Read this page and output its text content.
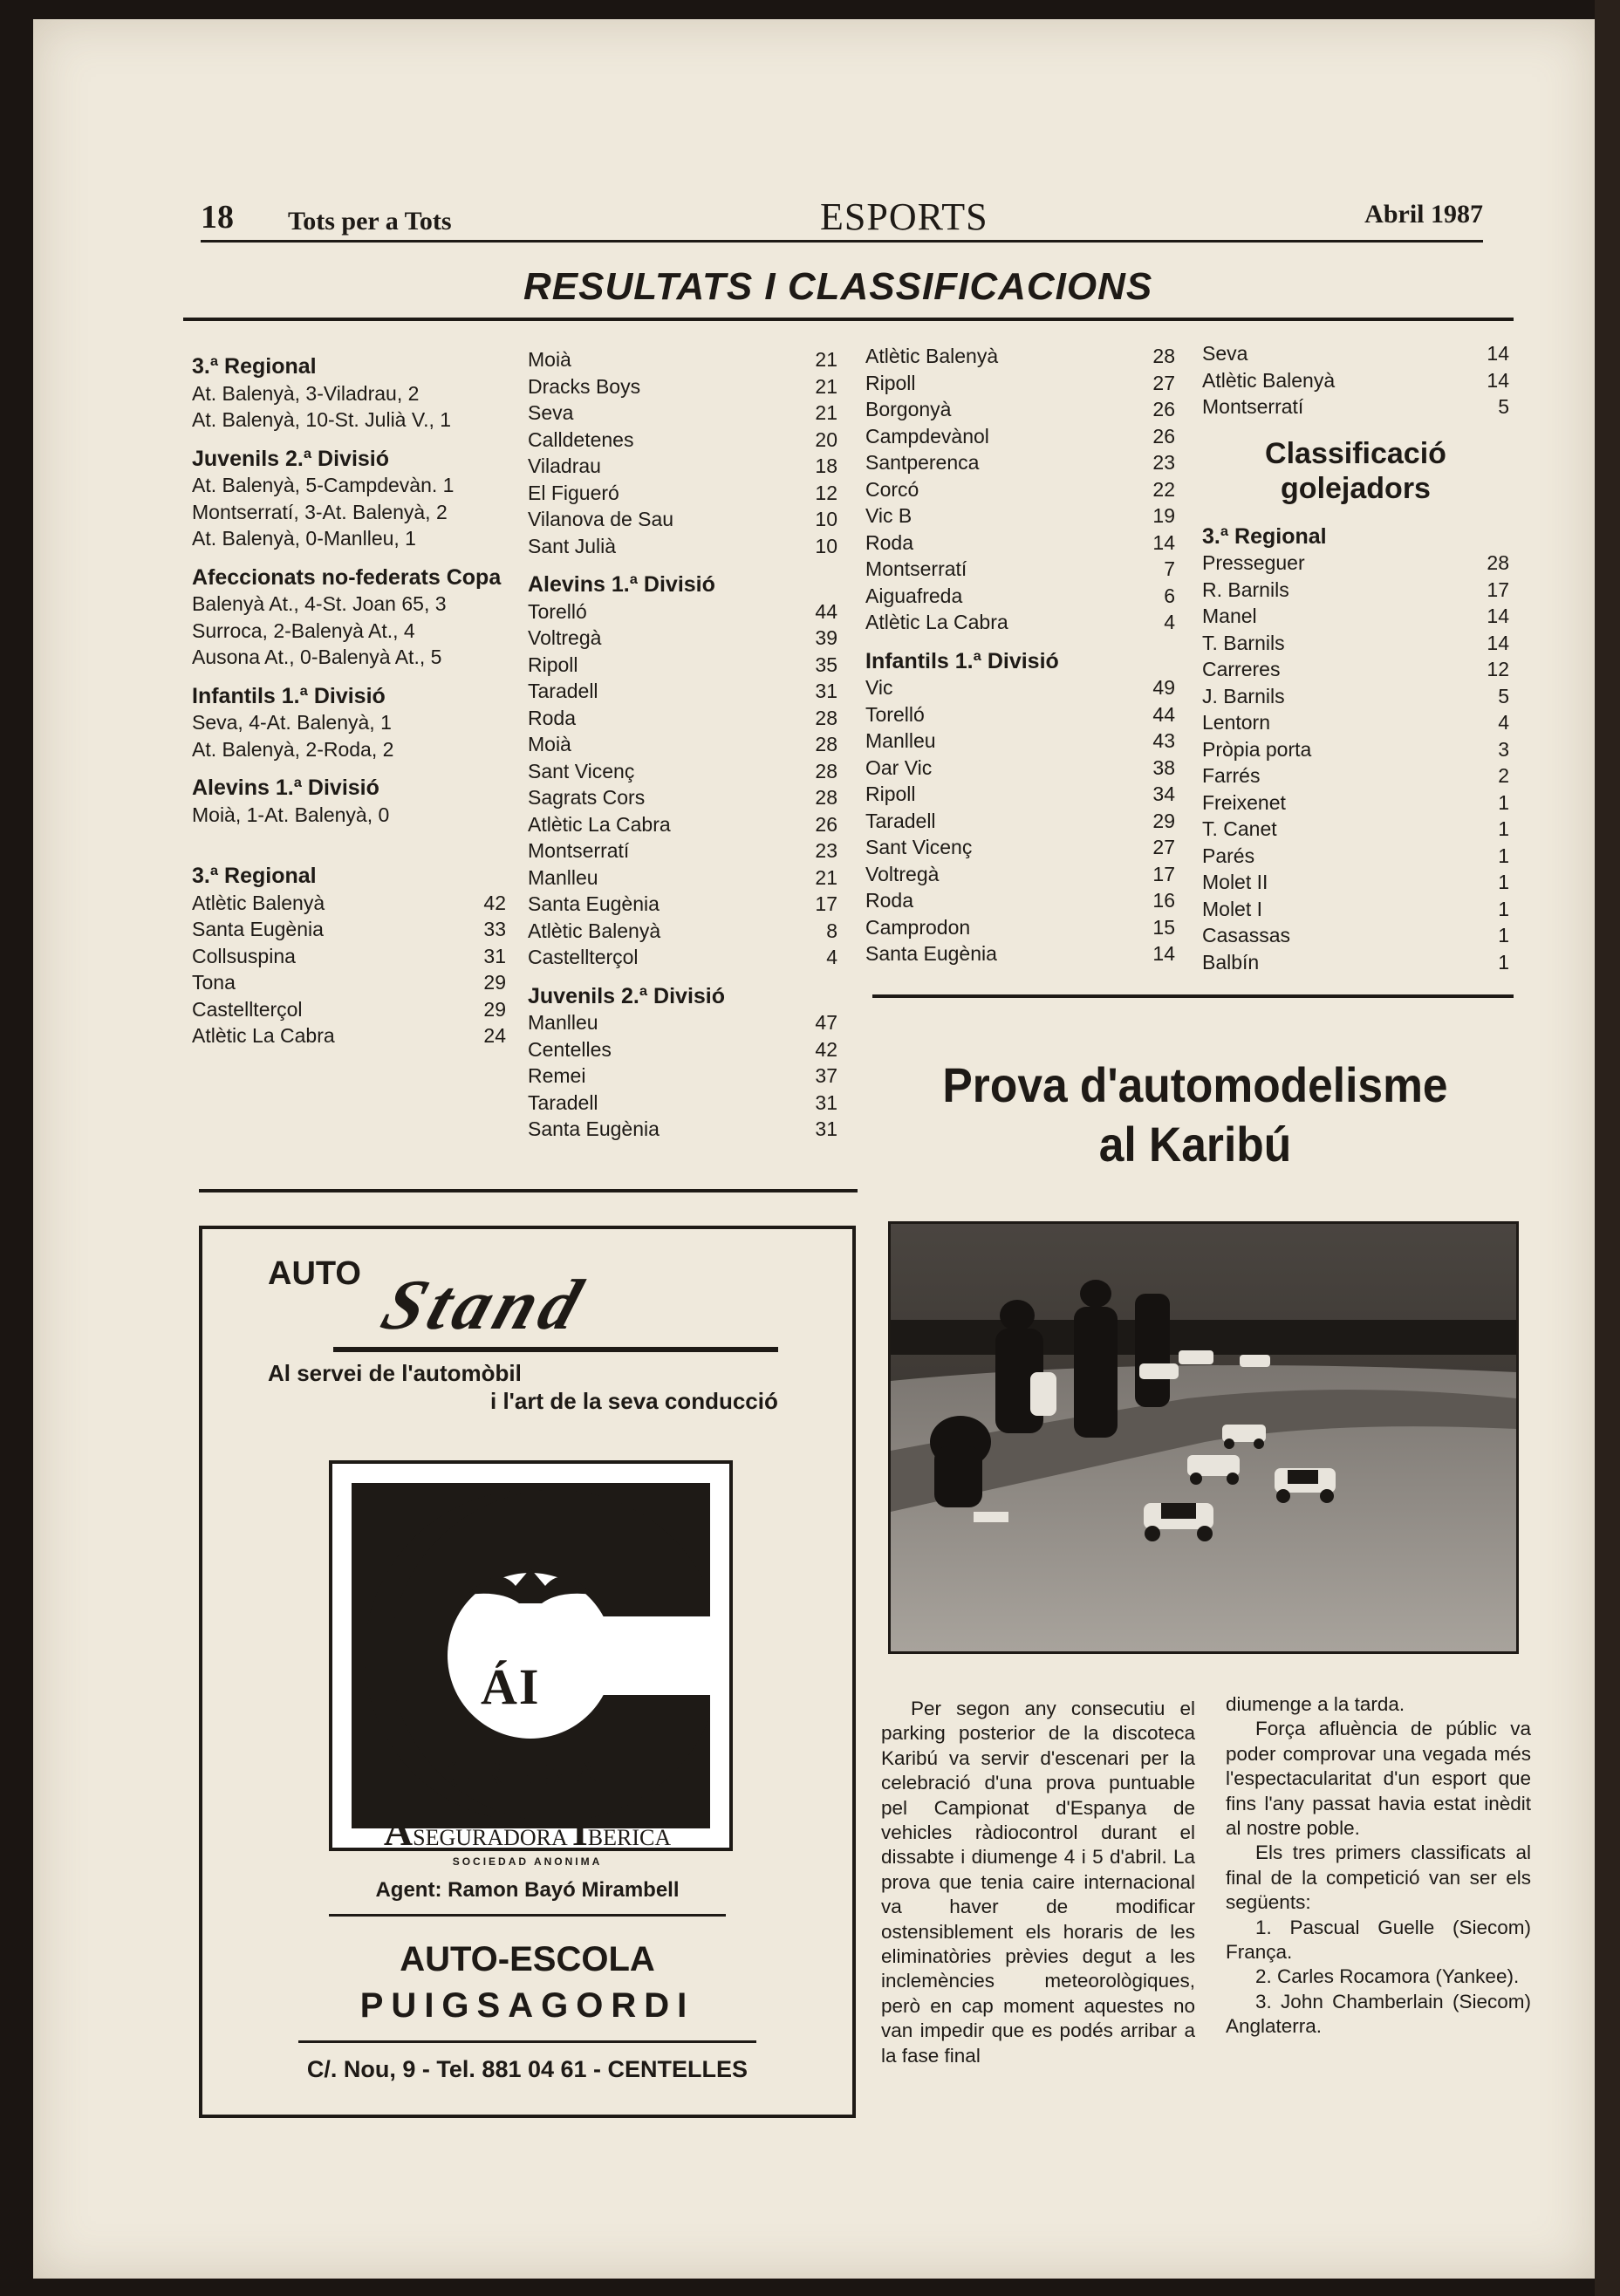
18 Tots per a Tots	ESPORTS	Abril 1987
RESULTATS I CLASSIFICACIONS
3.ª Regional
At. Balenyà, 3-Viladrau, 2
At. Balenyà, 10-St. Julià V., 1
Juvenils 2.ª Divisió
At. Balenyà, 5-Campdevàn. 1
Montserratí, 3-At. Balenyà, 2
At. Balenyà, 0-Manlleu, 1
Afeccionats no-federats Copa
Balenyà At., 4-St. Joan 65, 3
Surroca, 2-Balenyà At., 4
Ausona At., 0-Balenyà At., 5
Infantils 1.ª Divisió
Seva, 4-At. Balenyà, 1
At. Balenyà, 2-Roda, 2
Alevins 1.ª Divisió
Moià, 1-At. Balenyà, 0
3.ª Regional
Atlètic Balenyà	42
Santa Eugènia	33
Collsuspina	31
Tona	29
Castellterçol	29
Atlètic La Cabra	24
Moià	21
Dracks Boys	21
Seva	21
Calldetenes	20
Viladrau	18
El Figueró	12
Vilanova de Sau	10
Sant Julià	10
Alevins 1.ª Divisió
Torelló	44
Voltregà	39
Ripoll	35
Taradell	31
Roda	28
Moià	28
Sant Vicenç	28
Sagrats Cors	28
Atlètic La Cabra	26
Montserratí	23
Manlleu	21
Santa Eugènia	17
Atlètic Balenyà	8
Castellterçol	4
Juvenils 2.ª Divisió
Manlleu	47
Centelles	42
Remei	37
Taradell	31
Santa Eugènia	31
Atlètic Balenyà	28
Ripoll	27
Borgonyà	26
Campdevànol	26
Santperenca	23
Corcó	22
Vic B	19
Roda	14
Montserratí	7
Aiguafreda	6
Atlètic La Cabra	4
Infantils 1.ª Divisió
Vic	49
Torelló	44
Manlleu	43
Oar Vic	38
Ripoll	34
Taradell	29
Sant Vicenç	27
Voltregà	17
Roda	16
Camprodon	15
Santa Eugènia	14
Seva	14
Atlètic Balenyà	14
Montserratí	5
Classificació
golejadors
3.ª Regional
Presseguer	28
R. Barnils	17
Manel	14
T. Barnils	14
Carreres	12
J. Barnils	5
Lentorn	4
Pròpia porta	3
Farrés	2
Freixenet	1
T. Canet	1
Parés	1
Molet II	1
Molet I	1
Casassas	1
Balbín	1
AUTO Stand
Al servei de l'automòbil
i l'art de la seva conducció
ÁI
CRESA
ASEGURADORA IBERICA
SOCIEDAD ANONIMA
Agent: Ramon Bayó Mirambell
AUTO-ESCOLA
PUIGSAGORDI
C/. Nou, 9 - Tel. 881 04 61 - CENTELLES
Prova d'automodelisme
al Karibú

Per segon any consecutiu el parking posterior de la discoteca Karibú va servir d'escenari per la celebració d'una prova puntuable pel Campionat d'Espanya de vehicles ràdiocontrol durant el dissabte i diumenge 4 i 5 d'abril. La prova que tenia caire internacional va haver de modificar ostensiblement els horaris de les eliminatòries prèvies degut a les inclemències meteorològiques, però en cap moment aquestes no van impedir que es podés arribar a la fase final

diumenge a la tarda.

Força afluència de públic va poder comprovar una vegada més l'espectacularitat d'un esport que fins l'any passat havia estat inèdit al nostre poble.

Els tres primers classificats al final de la competició van ser els següents:

1. Pascual Guelle (Siecom) França.

2. Carles Rocamora (Yankee).

3. John Chamberlain (Siecom) Anglaterra.
